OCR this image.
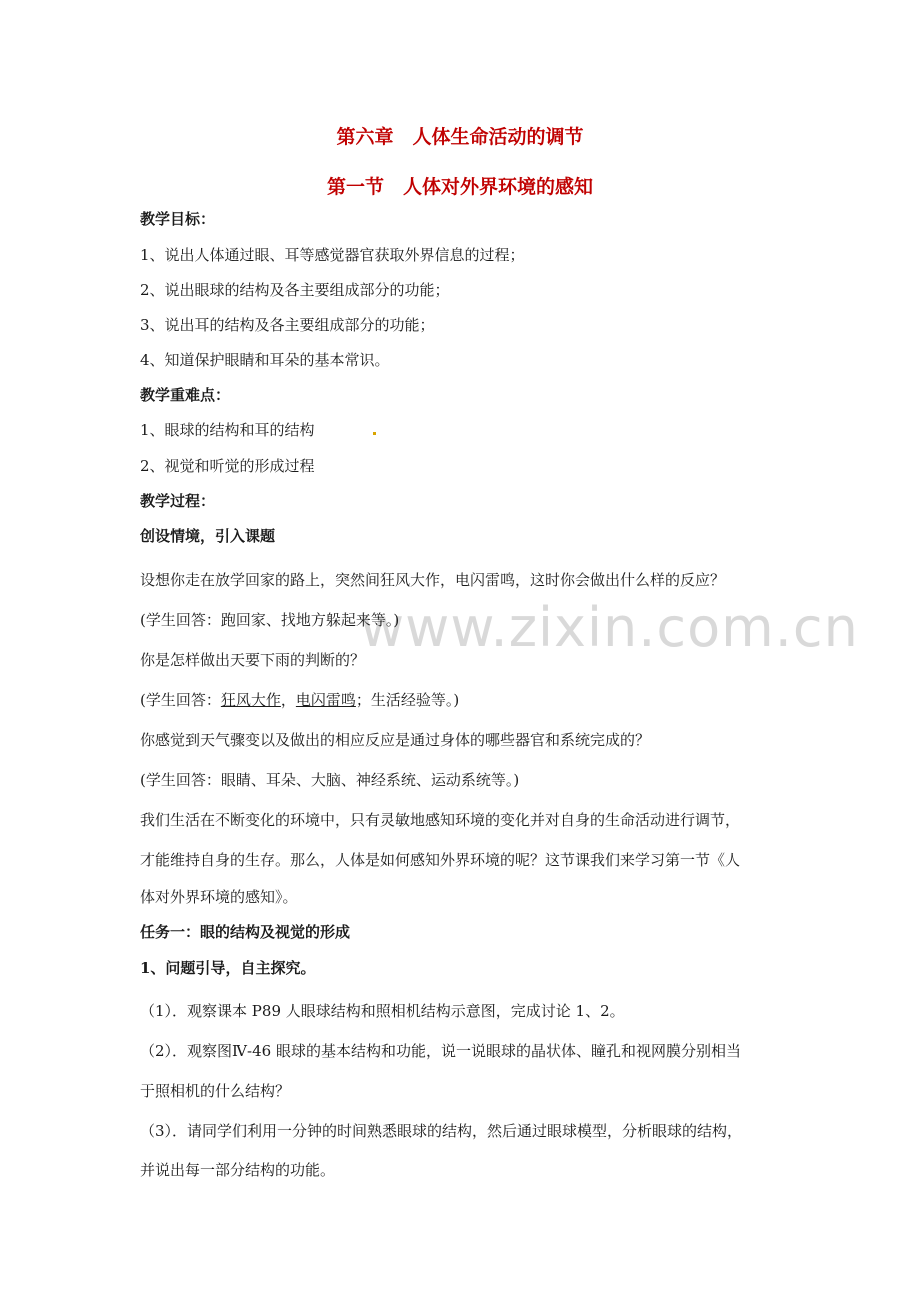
第六章　人体生命活动的调节
第一节　人体对外界环境的感知
教学目标：
1、说出人体通过眼、耳等感觉器官获取外界信息的过程；
2、说出眼球的结构及各主要组成部分的功能；
3、说出耳的结构及各主要组成部分的功能；
4、知道保护眼睛和耳朵的基本常识。
教学重难点：
1、眼球的结构和耳的结构
2、视觉和听觉的形成过程
教学过程：
创设情境，引入课题
www.zixin.com.cn
设想你走在放学回家的路上，突然间狂风大作，电闪雷鸣，这时你会做出什么样的反应？
(学生回答：跑回家、找地方躲起来等。)
你是怎样做出天要下雨的判断的？
(学生回答：狂风大作，电闪雷鸣；生活经验等。)
你感觉到天气骤变以及做出的相应反应是通过身体的哪些器官和系统完成的？
(学生回答：眼睛、耳朵、大脑、神经系统、运动系统等。)
我们生活在不断变化的环境中，只有灵敏地感知环境的变化并对自身的生命活动进行调节，
才能维持自身的生存。那么，人体是如何感知外界环境的呢？这节课我们来学习第一节《人
体对外界环境的感知》。
任务一：眼的结构及视觉的形成
1、问题引导，自主探究。
（1）．观察课本 P89 人眼球结构和照相机结构示意图，完成讨论 1、2。
（2）．观察图Ⅳ-46 眼球的基本结构和功能，说一说眼球的晶状体、瞳孔和视网膜分别相当
于照相机的什么结构？
（3）．请同学们利用一分钟的时间熟悉眼球的结构，然后通过眼球模型，分析眼球的结构，
并说出每一部分结构的功能。
